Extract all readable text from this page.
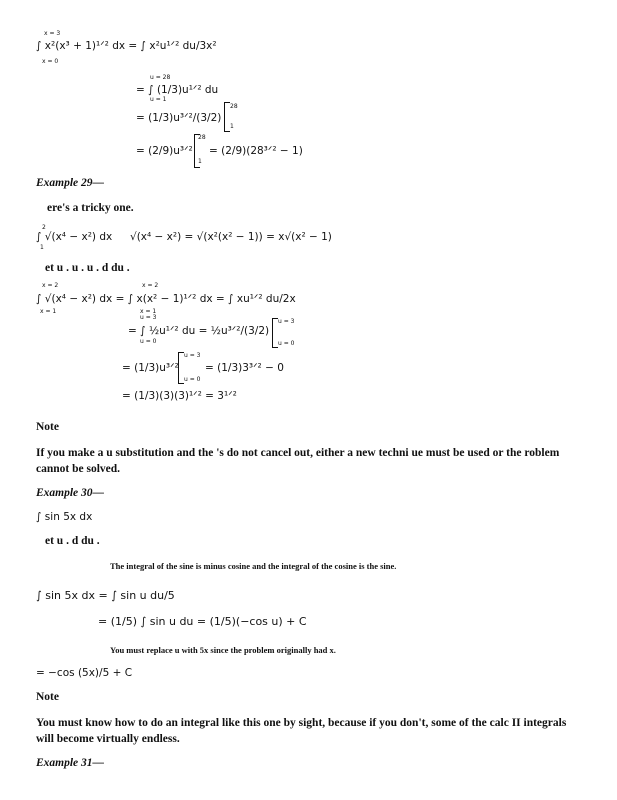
∫ x²(x³ + 1)¹ᐟ² dx = ∫ x²u¹ᐟ² du/3x²
x = 3
x = 0
= ∫ (1/3)u¹ᐟ² du
u = 28
u = 1
= (1/3)u³ᐟ²/(3/2)
28
1
= (2/9)u³ᐟ²
28
1
= (2/9)(28³ᐟ² − 1)
Example 29—
ere's a tricky one.
∫ √(x⁴ − x²) dx
2
1
√(x⁴ − x²) = √(x²(x² − 1)) = x√(x² − 1)
et u . u . u . d du .
∫ √(x⁴ − x²) dx = ∫ x(x² − 1)¹ᐟ² dx = ∫ xu¹ᐟ² du/2x
x = 2
x = 1
x = 2
x = 1
= ∫ ½u¹ᐟ² du = ½u³ᐟ²/(3/2)
u = 3
u = 0
u = 3
u = 0
= (1/3)u³ᐟ²
u = 3
u = 0
= (1/3)3³ᐟ² − 0
= (1/3)(3)(3)¹ᐟ² = 3¹ᐟ²
Note
If you make a u substitution and the 's do not cancel out, either a new techni ue must be used or the roblem cannot be solved.
Example 30—
∫ sin 5x dx
et u . d du .
The integral of the sine is minus cosine and the integral of the cosine is the sine.
∫ sin 5x dx = ∫ sin u du/5
= (1/5) ∫ sin u du = (1/5)(−cos u) + C
You must replace u with 5x since the problem originally had x.
= −cos (5x)/5 + C
Note
You must know how to do an integral like this one by sight, because if you don't, some of the calc II integrals will become virtually endless.
Example 31—
